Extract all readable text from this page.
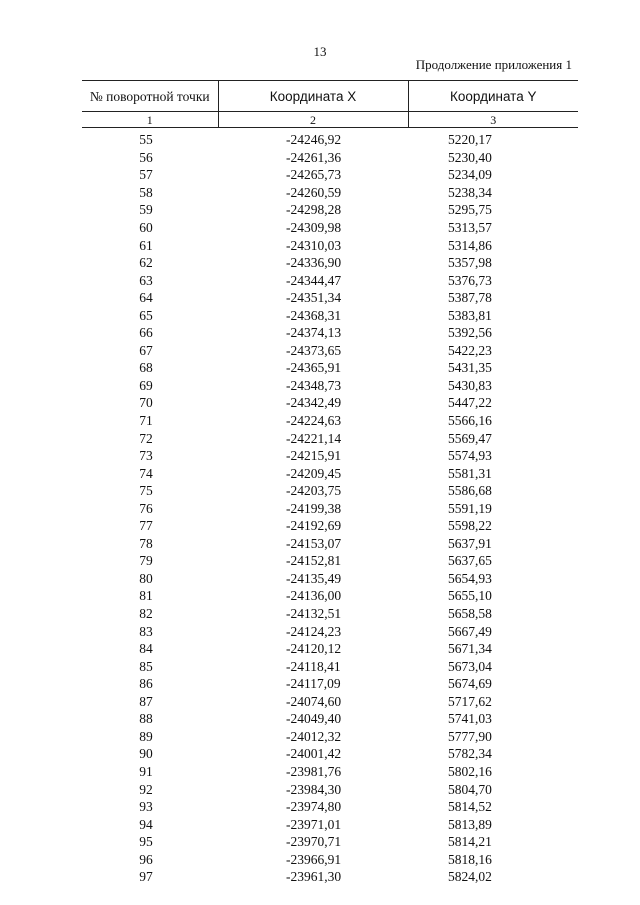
13
Продолжение приложения 1
№ поворотной точки	Координата X	Координата Y
1	2	3
55	-24246,92	5220,17
56	-24261,36	5230,40
57	-24265,73	5234,09
58	-24260,59	5238,34
59	-24298,28	5295,75
60	-24309,98	5313,57
61	-24310,03	5314,86
62	-24336,90	5357,98
63	-24344,47	5376,73
64	-24351,34	5387,78
65	-24368,31	5383,81
66	-24374,13	5392,56
67	-24373,65	5422,23
68	-24365,91	5431,35
69	-24348,73	5430,83
70	-24342,49	5447,22
71	-24224,63	5566,16
72	-24221,14	5569,47
73	-24215,91	5574,93
74	-24209,45	5581,31
75	-24203,75	5586,68
76	-24199,38	5591,19
77	-24192,69	5598,22
78	-24153,07	5637,91
79	-24152,81	5637,65
80	-24135,49	5654,93
81	-24136,00	5655,10
82	-24132,51	5658,58
83	-24124,23	5667,49
84	-24120,12	5671,34
85	-24118,41	5673,04
86	-24117,09	5674,69
87	-24074,60	5717,62
88	-24049,40	5741,03
89	-24012,32	5777,90
90	-24001,42	5782,34
91	-23981,76	5802,16
92	-23984,30	5804,70
93	-23974,80	5814,52
94	-23971,01	5813,89
95	-23970,71	5814,21
96	-23966,91	5818,16
97	-23961,30	5824,02
